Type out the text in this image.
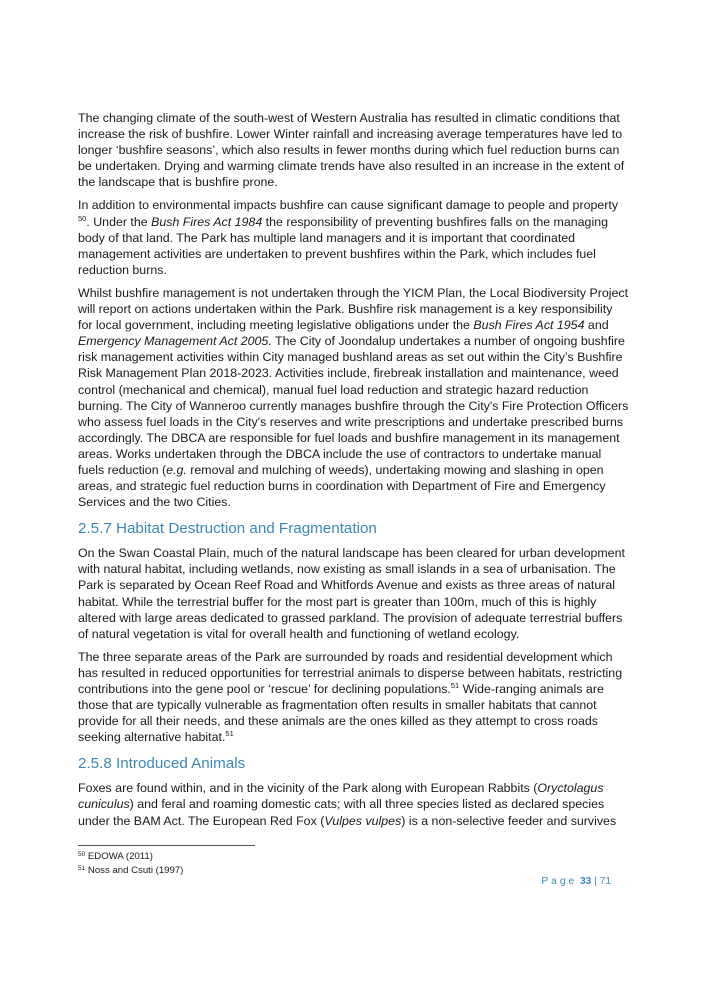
The changing climate of the south-west of Western Australia has resulted in climatic conditions that increase the risk of bushfire. Lower Winter rainfall and increasing average temperatures have led to longer ‘bushfire seasons’, which also results in fewer months during which fuel reduction burns can be undertaken. Drying and warming climate trends have also resulted in an increase in the extent of the landscape that is bushfire prone.

In addition to environmental impacts bushfire can cause significant damage to people and property $^{50}$. Under the Bush Fires Act 1984 the responsibility of preventing bushfires falls on the managing body of that land. The Park has multiple land managers and it is important that coordinated management activities are undertaken to prevent bushfires within the Park, which includes fuel reduction burns.

Whilst bushfire management is not undertaken through the YICM Plan, the Local Biodiversity Project will report on actions undertaken within the Park. Bushfire risk management is a key responsibility for local government, including meeting legislative obligations under the Bush Fires Act 1954 and Emergency Management Act 2005. The City of Joondalup undertakes a number of ongoing bushfire risk management activities within City managed bushland areas as set out within the City’s Bushfire Risk Management Plan 2018-2023. Activities include, firebreak installation and maintenance, weed control (mechanical and chemical), manual fuel load reduction and strategic hazard reduction burning. The City of Wanneroo currently manages bushfire through the City's Fire Protection Officers who assess fuel loads in the City's reserves and write prescriptions and undertake prescribed burns accordingly. The DBCA are responsible for fuel loads and bushfire management in its management areas. Works undertaken through the DBCA include the use of contractors to undertake manual fuels reduction (e.g. removal and mulching of weeds), undertaking mowing and slashing in open areas, and strategic fuel reduction burns in coordination with Department of Fire and Emergency Services and the two Cities.

2.5.7 Habitat Destruction and Fragmentation

On the Swan Coastal Plain, much of the natural landscape has been cleared for urban development with natural habitat, including wetlands, now existing as small islands in a sea of urbanisation. The Park is separated by Ocean Reef Road and Whitfords Avenue and exists as three areas of natural habitat. While the terrestrial buffer for the most part is greater than 100m, much of this is highly altered with large areas dedicated to grassed parkland. The provision of adequate terrestrial buffers of natural vegetation is vital for overall health and functioning of wetland ecology.

The three separate areas of the Park are surrounded by roads and residential development which has resulted in reduced opportunities for terrestrial animals to disperse between habitats, restricting contributions into the gene pool or ‘rescue’ for declining populations.$^{51}$ Wide-ranging animals are those that are typically vulnerable as fragmentation often results in smaller habitats that cannot provide for all their needs, and these animals are the ones killed as they attempt to cross roads seeking alternative habitat.$^{51}$

2.5.8 Introduced Animals

Foxes are found within, and in the vicinity of the Park along with European Rabbits (Oryctolagus cuniculus) and feral and roaming domestic cats; with all three species listed as declared species under the BAM Act. The European Red Fox (Vulpes vulpes) is a non-selective feeder and survives

$^{50}$ EDOWA (2011)
$^{51}$ Noss and Csuti (1997)
Page 33 | 71
